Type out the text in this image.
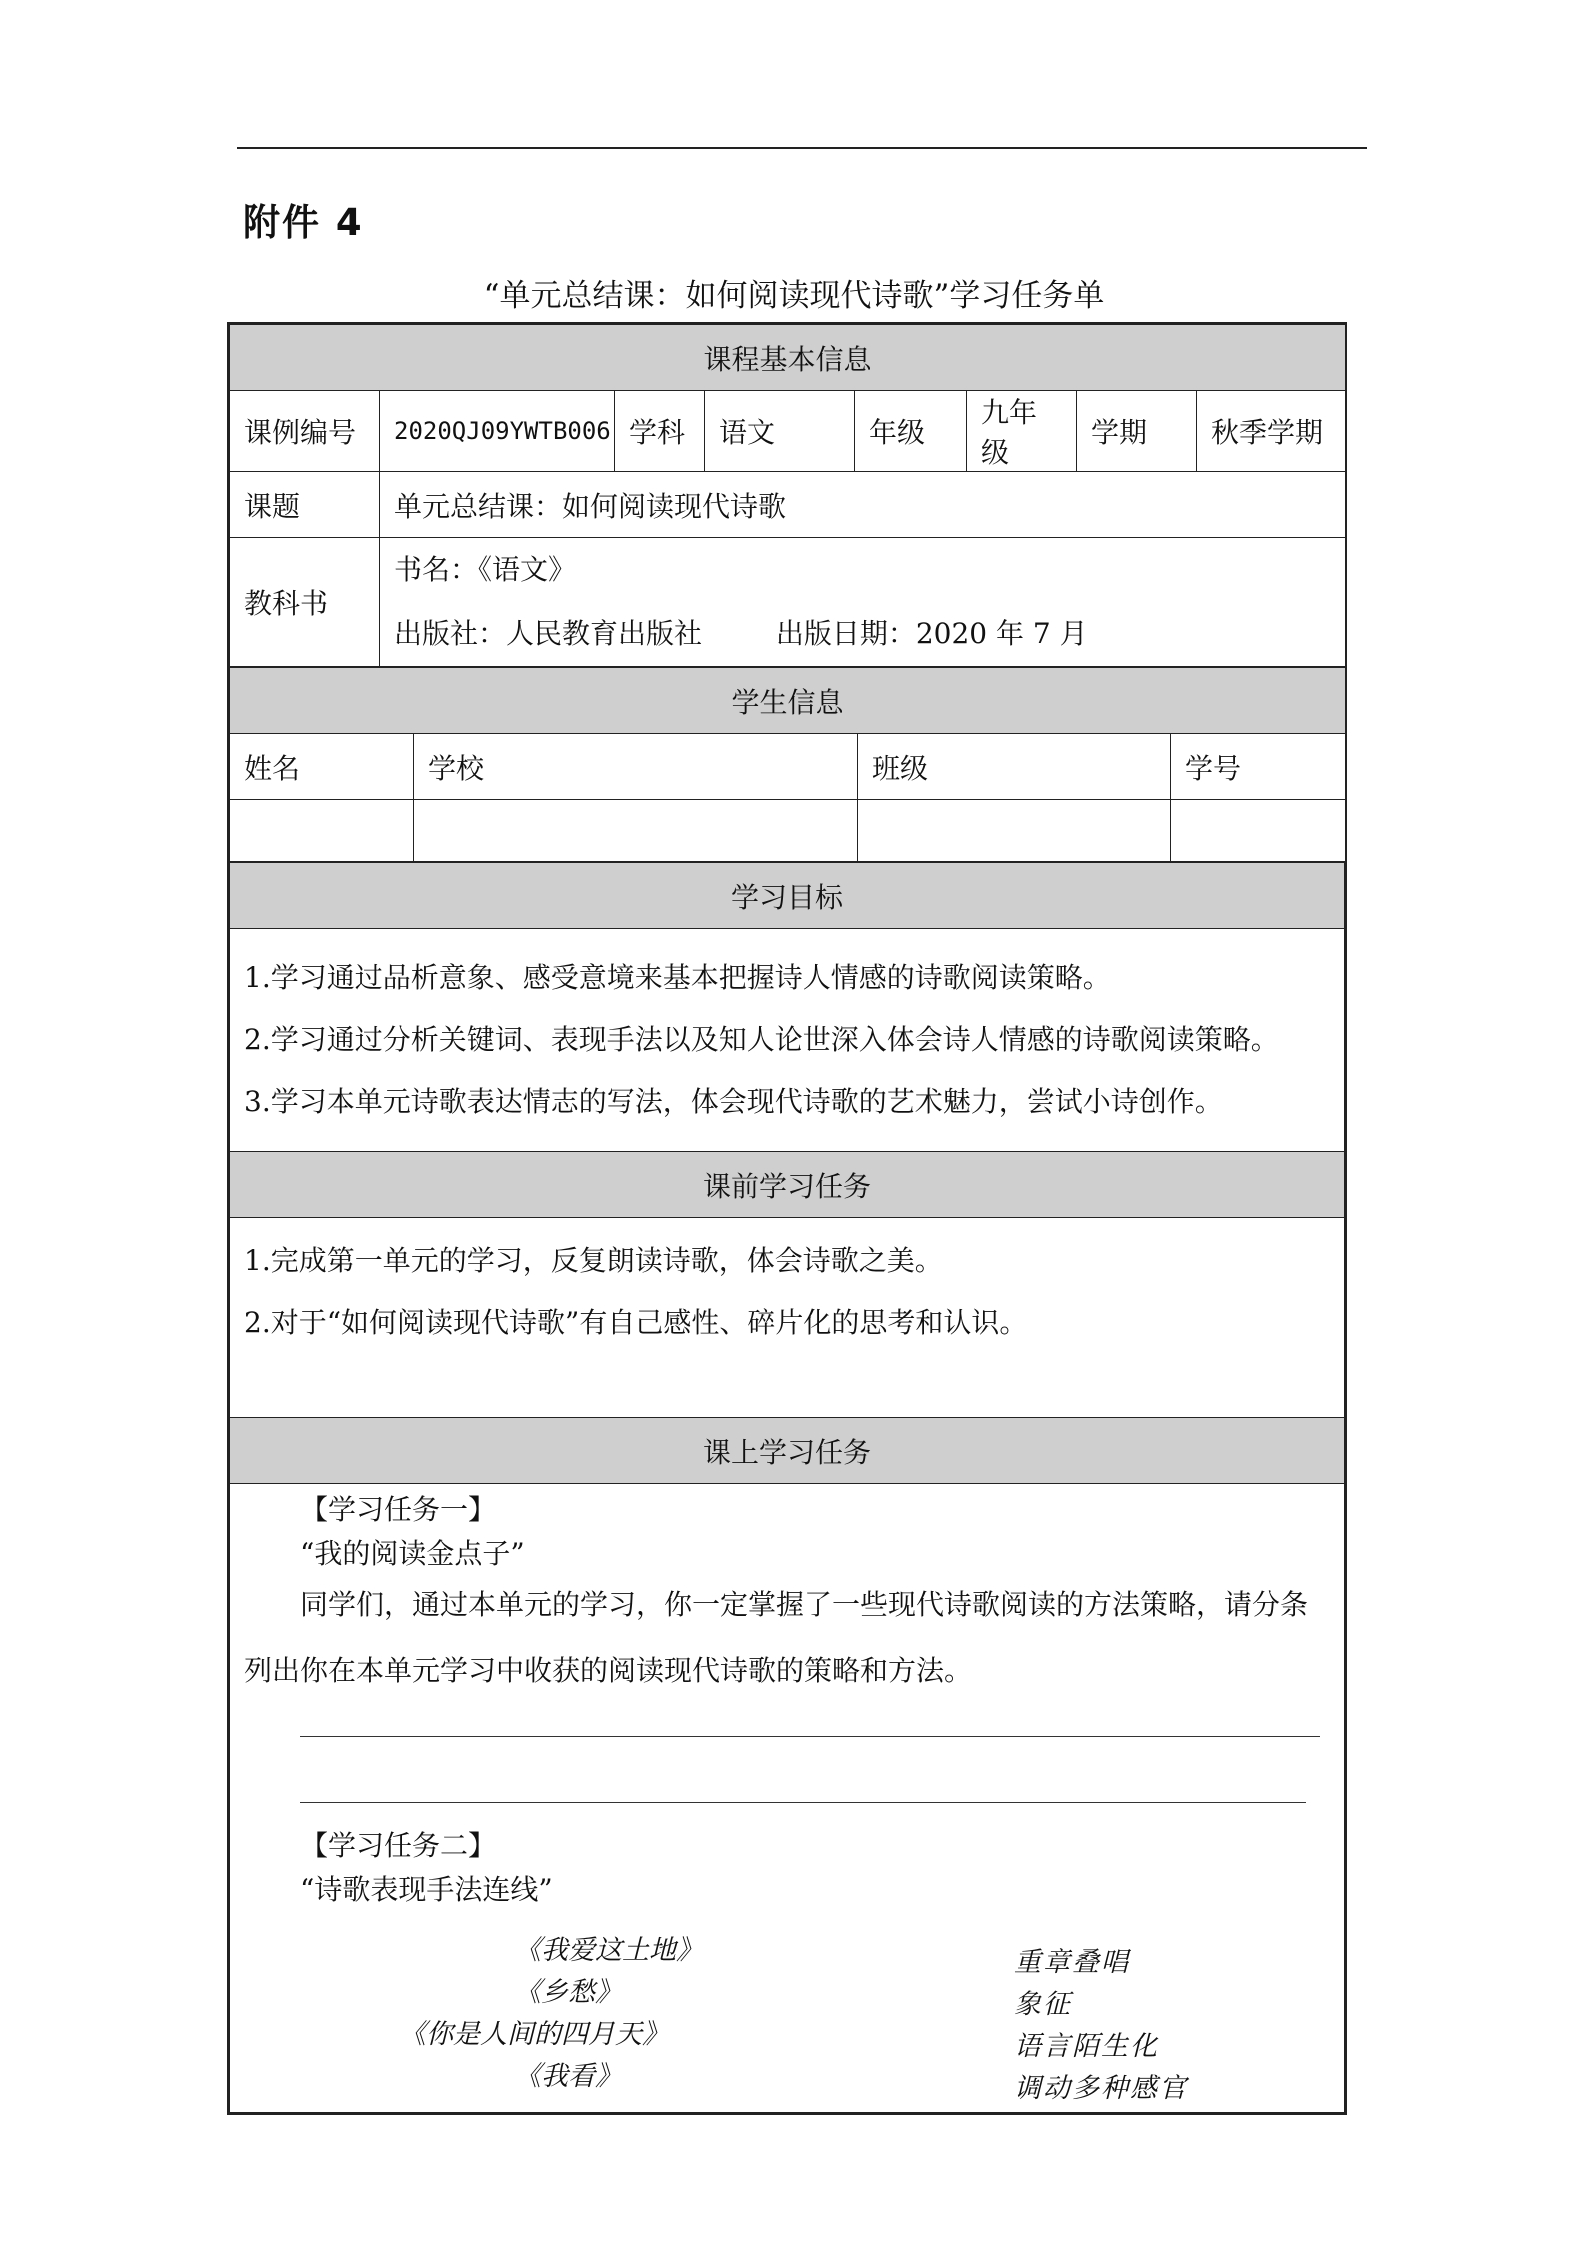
附件 4
“单元总结课：如何阅读现代诗歌”学习任务单
课程基本信息							
课例编号	2020QJ09YWTB006	学科	语文	年级	九年级	学期	秋季学期
课题	单元总结课：如何阅读现代诗歌						
教科书	书名：《语文》

出版社：人民教育出版社 出版日期：2020 年 7 月						

学生信息			
姓名	学校	班级	学号

学习目标

1.学习通过品析意象、感受意境来基本把握诗人情感的诗歌阅读策略。

2.学习通过分析关键词、表现手法以及知人论世深入体会诗人情感的诗歌阅读策略。

3.学习本单元诗歌表达情志的写法，体会现代诗歌的艺术魅力，尝试小诗创作。

课前学习任务

1.完成第一单元的学习，反复朗读诗歌，体会诗歌之美。

2.对于“如何阅读现代诗歌”有自己感性、碎片化的思考和认识。

课上学习任务

【学习任务一】
“我的阅读金点子”
同学们，通过本单元的学习，你一定掌握了一些现代诗歌阅读的方法策略，请分条列出你在本单元学习中收获的阅读现代诗歌的策略和方法。
【学习任务二】
“诗歌表现手法连线”
《我爱这土地》
《乡愁》
《你是人间的四月天》
《我看》
重章叠唱
象征
语言陌生化
调动多种感官
